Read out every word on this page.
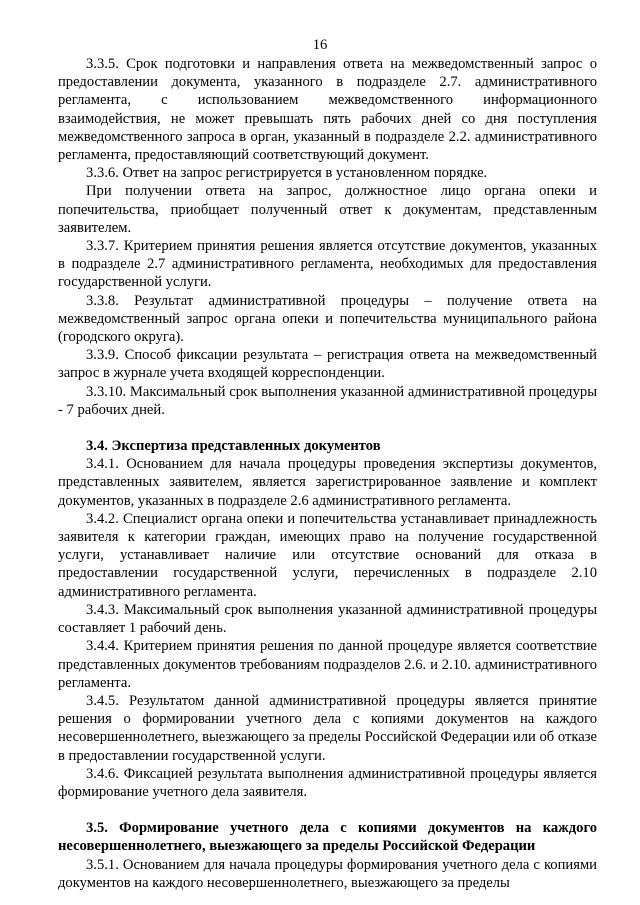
16

3.3.5. Срок подготовки и направления ответа на межведомственный запрос о предоставлении документа, указанного в подразделе 2.7. административного регламента, с использованием межведомственного информационного взаимодействия, не может превышать пять рабочих дней со дня поступления межведомственного запроса в орган, указанный в подразделе 2.2. административного регламента, предоставляющий соответствующий документ.

3.3.6. Ответ на запрос регистрируется в установленном порядке.

При получении ответа на запрос, должностное лицо органа опеки и попечительства, приобщает полученный ответ к документам, представленным заявителем.

3.3.7. Критерием принятия решения является отсутствие документов, указанных в подразделе 2.7 административного регламента, необходимых для предоставления государственной услуги.

3.3.8. Результат административной процедуры – получение ответа на межведомственный запрос органа опеки и попечительства муниципального района (городского округа).

3.3.9. Способ фиксации результата – регистрация ответа на межведомственный запрос в журнале учета входящей корреспонденции.

3.3.10. Максимальный срок выполнения указанной административной процедуры - 7 рабочих дней.

3.4. Экспертиза представленных документов

3.4.1. Основанием для начала процедуры проведения экспертизы документов, представленных заявителем, является зарегистрированное заявление и комплект документов, указанных в подразделе 2.6 административного регламента.

3.4.2. Специалист органа опеки и попечительства устанавливает принадлежность заявителя к категории граждан, имеющих право на получение государственной услуги, устанавливает наличие или отсутствие оснований для отказа в предоставлении государственной услуги, перечисленных в подразделе 2.10 административного регламента.

3.4.3. Максимальный срок выполнения указанной административной процедуры составляет 1 рабочий день.

3.4.4. Критерием принятия решения по данной процедуре является соответствие представленных документов требованиям подразделов 2.6. и 2.10. административного регламента.

3.4.5. Результатом данной административной процедуры является принятие решения о формировании учетного дела с копиями документов на каждого несовершеннолетнего, выезжающего за пределы Российской Федерации или об отказе в предоставлении государственной услуги.

3.4.6. Фиксацией результата выполнения административной процедуры является формирование учетного дела заявителя.

3.5. Формирование учетного дела с копиями документов на каждого несовершеннолетнего, выезжающего за пределы Российской Федерации

3.5.1. Основанием для начала процедуры формирования учетного дела с копиями документов на каждого несовершеннолетнего, выезжающего за пределы
